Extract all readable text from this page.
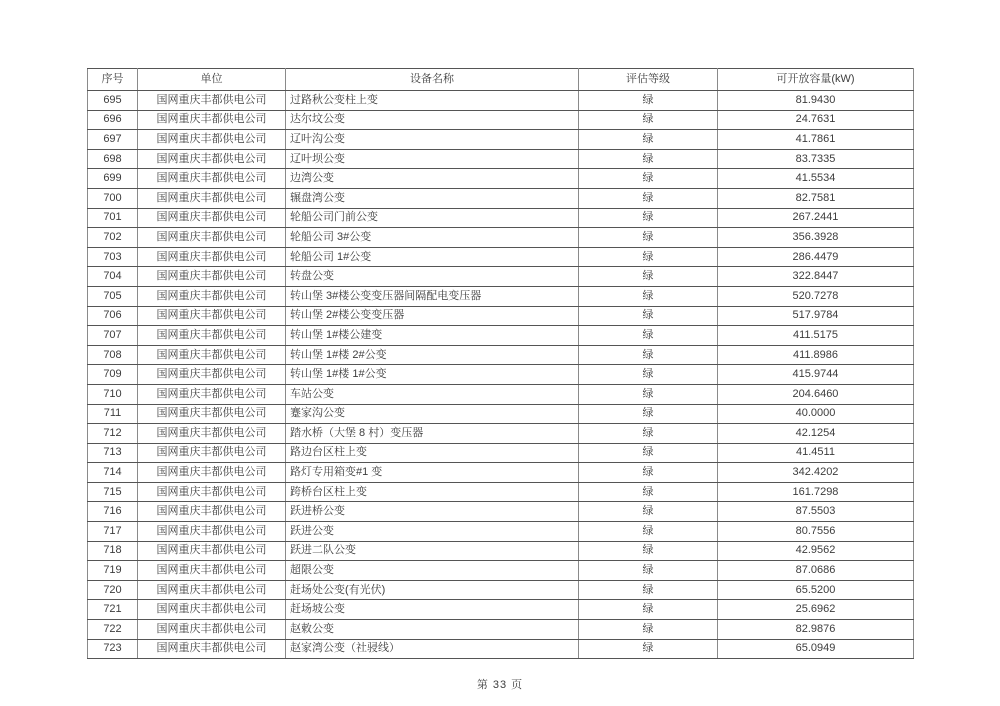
序号	单位	设备名称	评估等级	可开放容量(kW)
695	国网重庆丰都供电公司	过路秋公变柱上变	绿	81.9430
696	国网重庆丰都供电公司	达尔坟公变	绿	24.7631
697	国网重庆丰都供电公司	辽叶沟公变	绿	41.7861
698	国网重庆丰都供电公司	辽叶坝公变	绿	83.7335
699	国网重庆丰都供电公司	边湾公变	绿	41.5534
700	国网重庆丰都供电公司	辗盘湾公变	绿	82.7581
701	国网重庆丰都供电公司	轮船公司门前公变	绿	267.2441
702	国网重庆丰都供电公司	轮船公司 3#公变	绿	356.3928
703	国网重庆丰都供电公司	轮船公司 1#公变	绿	286.4479
704	国网重庆丰都供电公司	转盘公变	绿	322.8447
705	国网重庆丰都供电公司	转山堡 3#楼公变变压器间隔配电变压器	绿	520.7278
706	国网重庆丰都供电公司	转山堡 2#楼公变变压器	绿	517.9784
707	国网重庆丰都供电公司	转山堡 1#楼公建变	绿	411.5175
708	国网重庆丰都供电公司	转山堡 1#楼 2#公变	绿	411.8986
709	国网重庆丰都供电公司	转山堡 1#楼 1#公变	绿	415.9744
710	国网重庆丰都供电公司	车站公变	绿	204.6460
711	国网重庆丰都供电公司	蹇家沟公变	绿	40.0000
712	国网重庆丰都供电公司	踏水桥（大堡 8 村）变压器	绿	42.1254
713	国网重庆丰都供电公司	路边台区柱上变	绿	41.4511
714	国网重庆丰都供电公司	路灯专用箱变#1 变	绿	342.4202
715	国网重庆丰都供电公司	跨桥台区柱上变	绿	161.7298
716	国网重庆丰都供电公司	跃进桥公变	绿	87.5503
717	国网重庆丰都供电公司	跃进公变	绿	80.7556
718	国网重庆丰都供电公司	跃进二队公变	绿	42.9562
719	国网重庆丰都供电公司	超限公变	绿	87.0686
720	国网重庆丰都供电公司	赶场处公变(有光伏)	绿	65.5200
721	国网重庆丰都供电公司	赶场坡公变	绿	25.6962
722	国网重庆丰都供电公司	赵敕公变	绿	82.9876
723	国网重庆丰都供电公司	赵家湾公变（社骎线）	绿	65.0949
第 33 页
